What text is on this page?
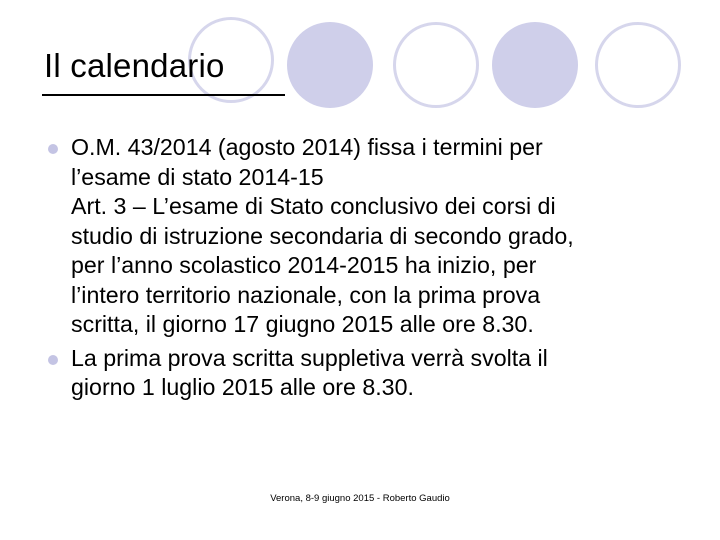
Il calendario
O.M. 43/2014 (agosto 2014) fissa i termini per
l’esame di stato 2014-15
Art. 3 – L’esame di Stato conclusivo dei corsi di
studio di istruzione secondaria di secondo grado,
per l’anno scolastico 2014-2015 ha inizio, per
l’intero territorio nazionale, con la prima prova
scritta, il giorno 17 giugno 2015 alle ore 8.30.
La prima prova scritta suppletiva verrà svolta il
giorno 1 luglio 2015 alle ore 8.30.
Verona, 8-9 giugno 2015 - Roberto Gaudio
